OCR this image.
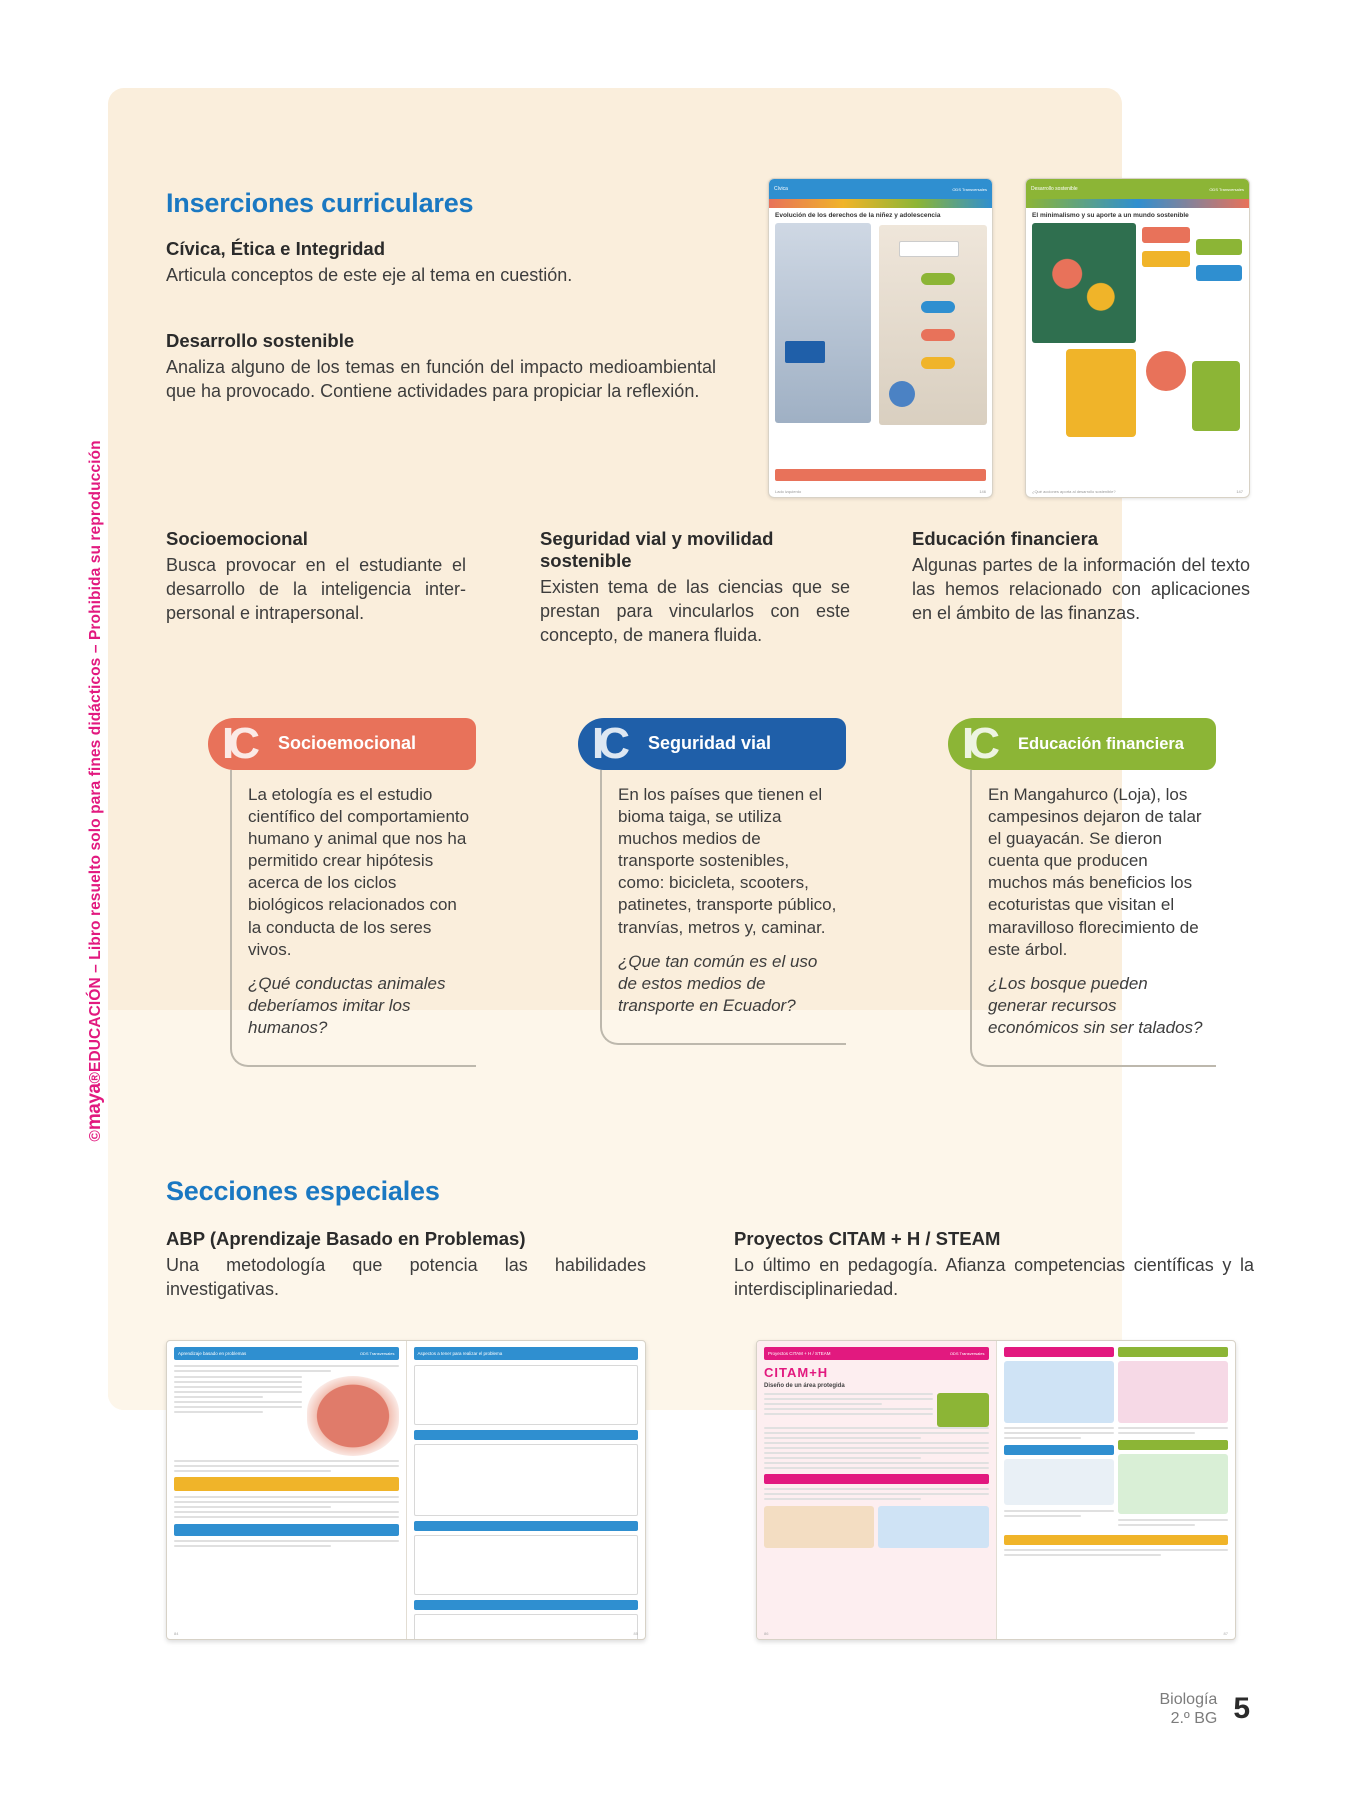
©maya®EDUCACIÓN – Libro resuelto solo para fines didácticos – Prohibida su reproducción
Inserciones curriculares
Cívica, Ética e Integridad

Articula conceptos de este eje al tema en cuestión.

Desarrollo sostenible

Analiza alguno de los temas en función del impacto medioambiental que ha provocado. Contiene actividades para propiciar la reflexión.

Cívica	ODS Transversales
Evolución de los derechos de la niñez y adolescencia
Lado izquierdo	146
Desarrollo sostenible	ODS Transversales
El minimalismo y su aporte a un mundo sostenible
¿Qué acciones aporta al desarrollo sostenible?	147
Socioemocional

Busca provocar en el estudiante el desarrollo de la inteligencia inter-personal e intrapersonal.

Seguridad vial y movilidad sostenible

Existen tema de las ciencias que se prestan para vincularlos con este concepto, de manera fluida.

Educación financiera

Algunas partes de la información del texto las hemos relacionado con aplicaciones en el ámbito de las finanzas.

IC	Socioemocional

La etología es el estudio científico del comportamiento humano y animal que nos ha permitido crear hipótesis acerca de los ciclos biológicos relacionados con la conducta de los seres vivos.

¿Qué conductas animales deberíamos imitar los humanos?

IC	Seguridad vial

En los países que tienen el bioma taiga, se utiliza muchos medios de transporte sostenibles, como: bicicleta, scooters, patinetes, transporte público, tranvías, metros y, caminar.

¿Que tan común es el uso de estos medios de transporte en Ecuador?

IC	Educación financiera

En Mangahurco (Loja), los campesinos dejaron de talar el guayacán. Se dieron cuenta que producen muchos más beneficios los ecoturistas que visitan el maravilloso florecimiento de este árbol.

¿Los bosque pueden generar recursos económicos sin ser talados?

Secciones especiales
ABP (Aprendizaje Basado en Problemas)

Una metodología que potencia las habilidades investigativas.

Proyectos CITAM + H / STEAM

Lo último en pedagogía. Afianza competencias científicas y la interdisciplinariedad.

Aprendizaje basado en problemas	ODS Transversales
84
Aspectos a tener para realizar el problema
85
Proyectos CITAM + H / STEAM	ODS Transversales
CITAM+H
Diseño de un área protegida
86	87
Biología
2.º BG 5
